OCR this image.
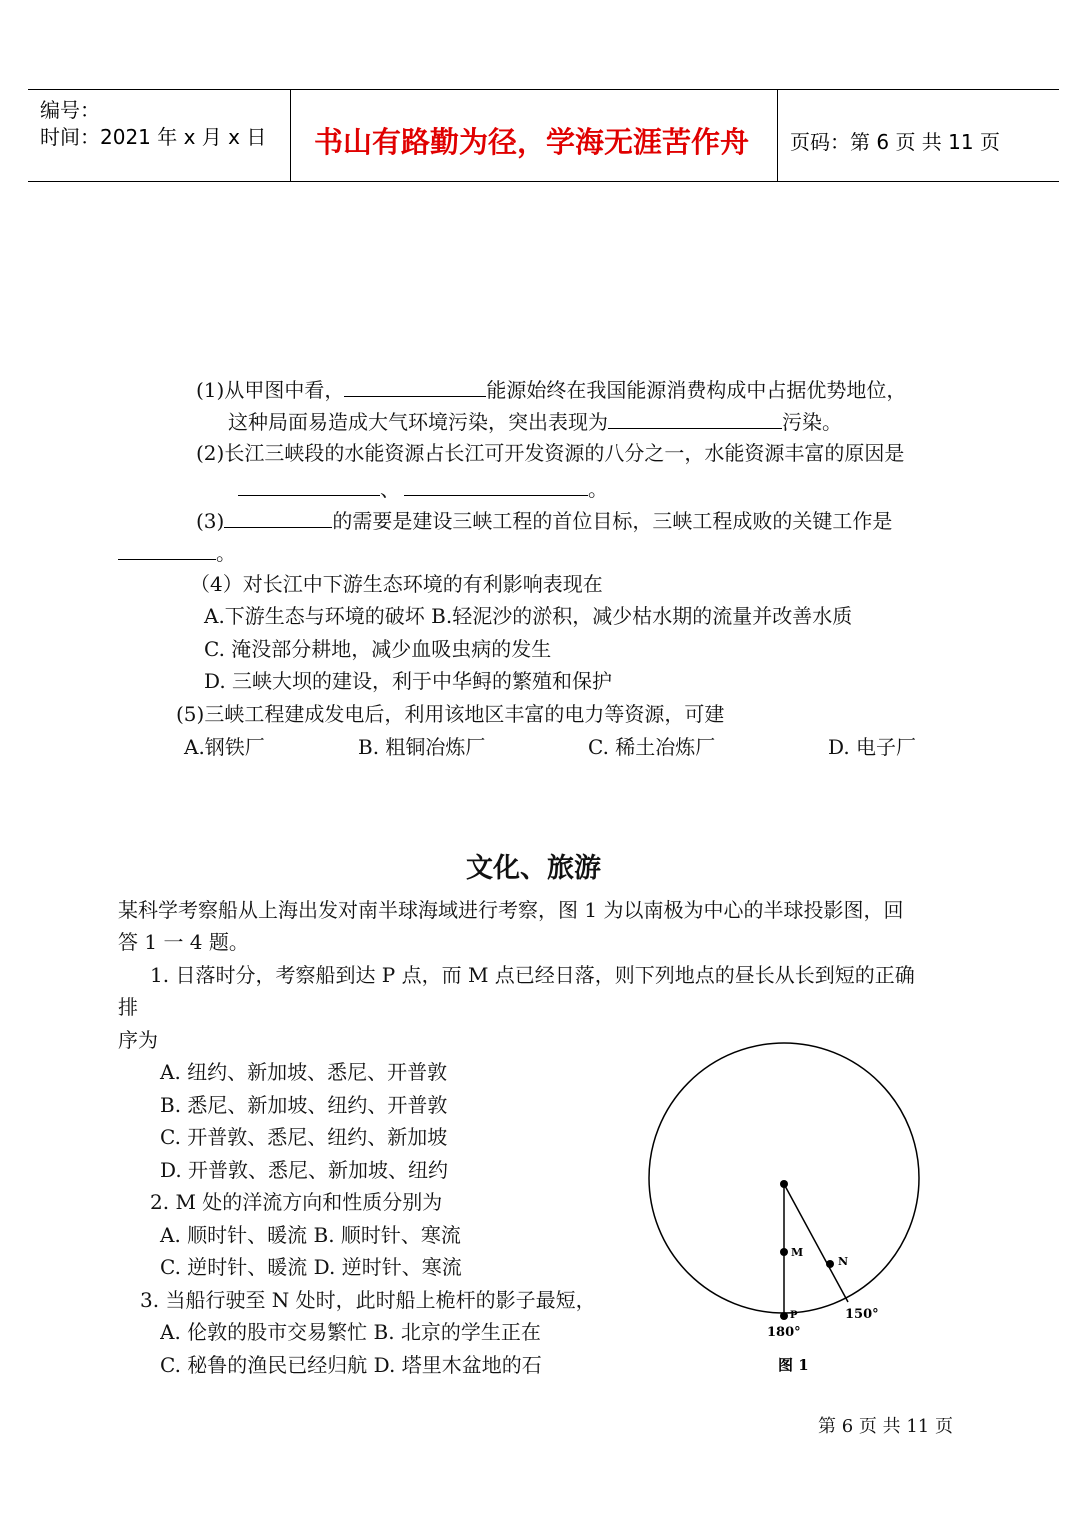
编号：
时间：2021 年 x 月 x 日 书山有路勤为径，学海无涯苦作舟 页码：第 6 页 共 11 页
(1)从甲图中看，	能源始终在我国能源消费构成中占据优势地位，
这种局面易造成大气环境污染，突出表现为	污染。
(2)长江三峡段的水能资源占长江可开发资源的八分之一，水能资源丰富的原因是
、	。
(3)	的需要是建设三峡工程的首位目标，三峡工程成败的关键工作是
。
（4）对长江中下游生态环境的有利影响表现在
A.下游生态与环境的破坏 B.轻泥沙的淤积，减少枯水期的流量并改善水质
C. 淹没部分耕地，减少血吸虫病的发生
D. 三峡大坝的建设，利于中华鲟的繁殖和保护
(5)三峡工程建成发电后，利用该地区丰富的电力等资源，可建
A.钢铁厂	B. 粗铜冶炼厂	C. 稀土冶炼厂	D. 电子厂
文化、旅游
某科学考察船从上海出发对南半球海域进行考察，图 1 为以南极为中心的半球投影图，回
答 1 一 4 题。
1. 日落时分，考察船到达 P 点，而 M 点已经日落，则下列地点的昼长从长到短的正确
排
序为
A. 纽约、新加坡、悉尼、开普敦
B. 悉尼、新加坡、纽约、开普敦
C. 开普敦、悉尼、纽约、新加坡
D. 开普敦、悉尼、新加坡、纽约
2. M 处的洋流方向和性质分别为
A. 顺时针、暖流 B. 顺时针、寒流
C. 逆时针、暖流 D. 逆时针、寒流
3. 当船行驶至 N 处时，此时船上桅杆的影子最短，
A. 伦敦的股市交易繁忙 B. 北京的学生正在
C. 秘鲁的渔民已经归航 D. 塔里木盆地的石
M
N
P
180°
150°
图 1
第 6 页 共 11 页
